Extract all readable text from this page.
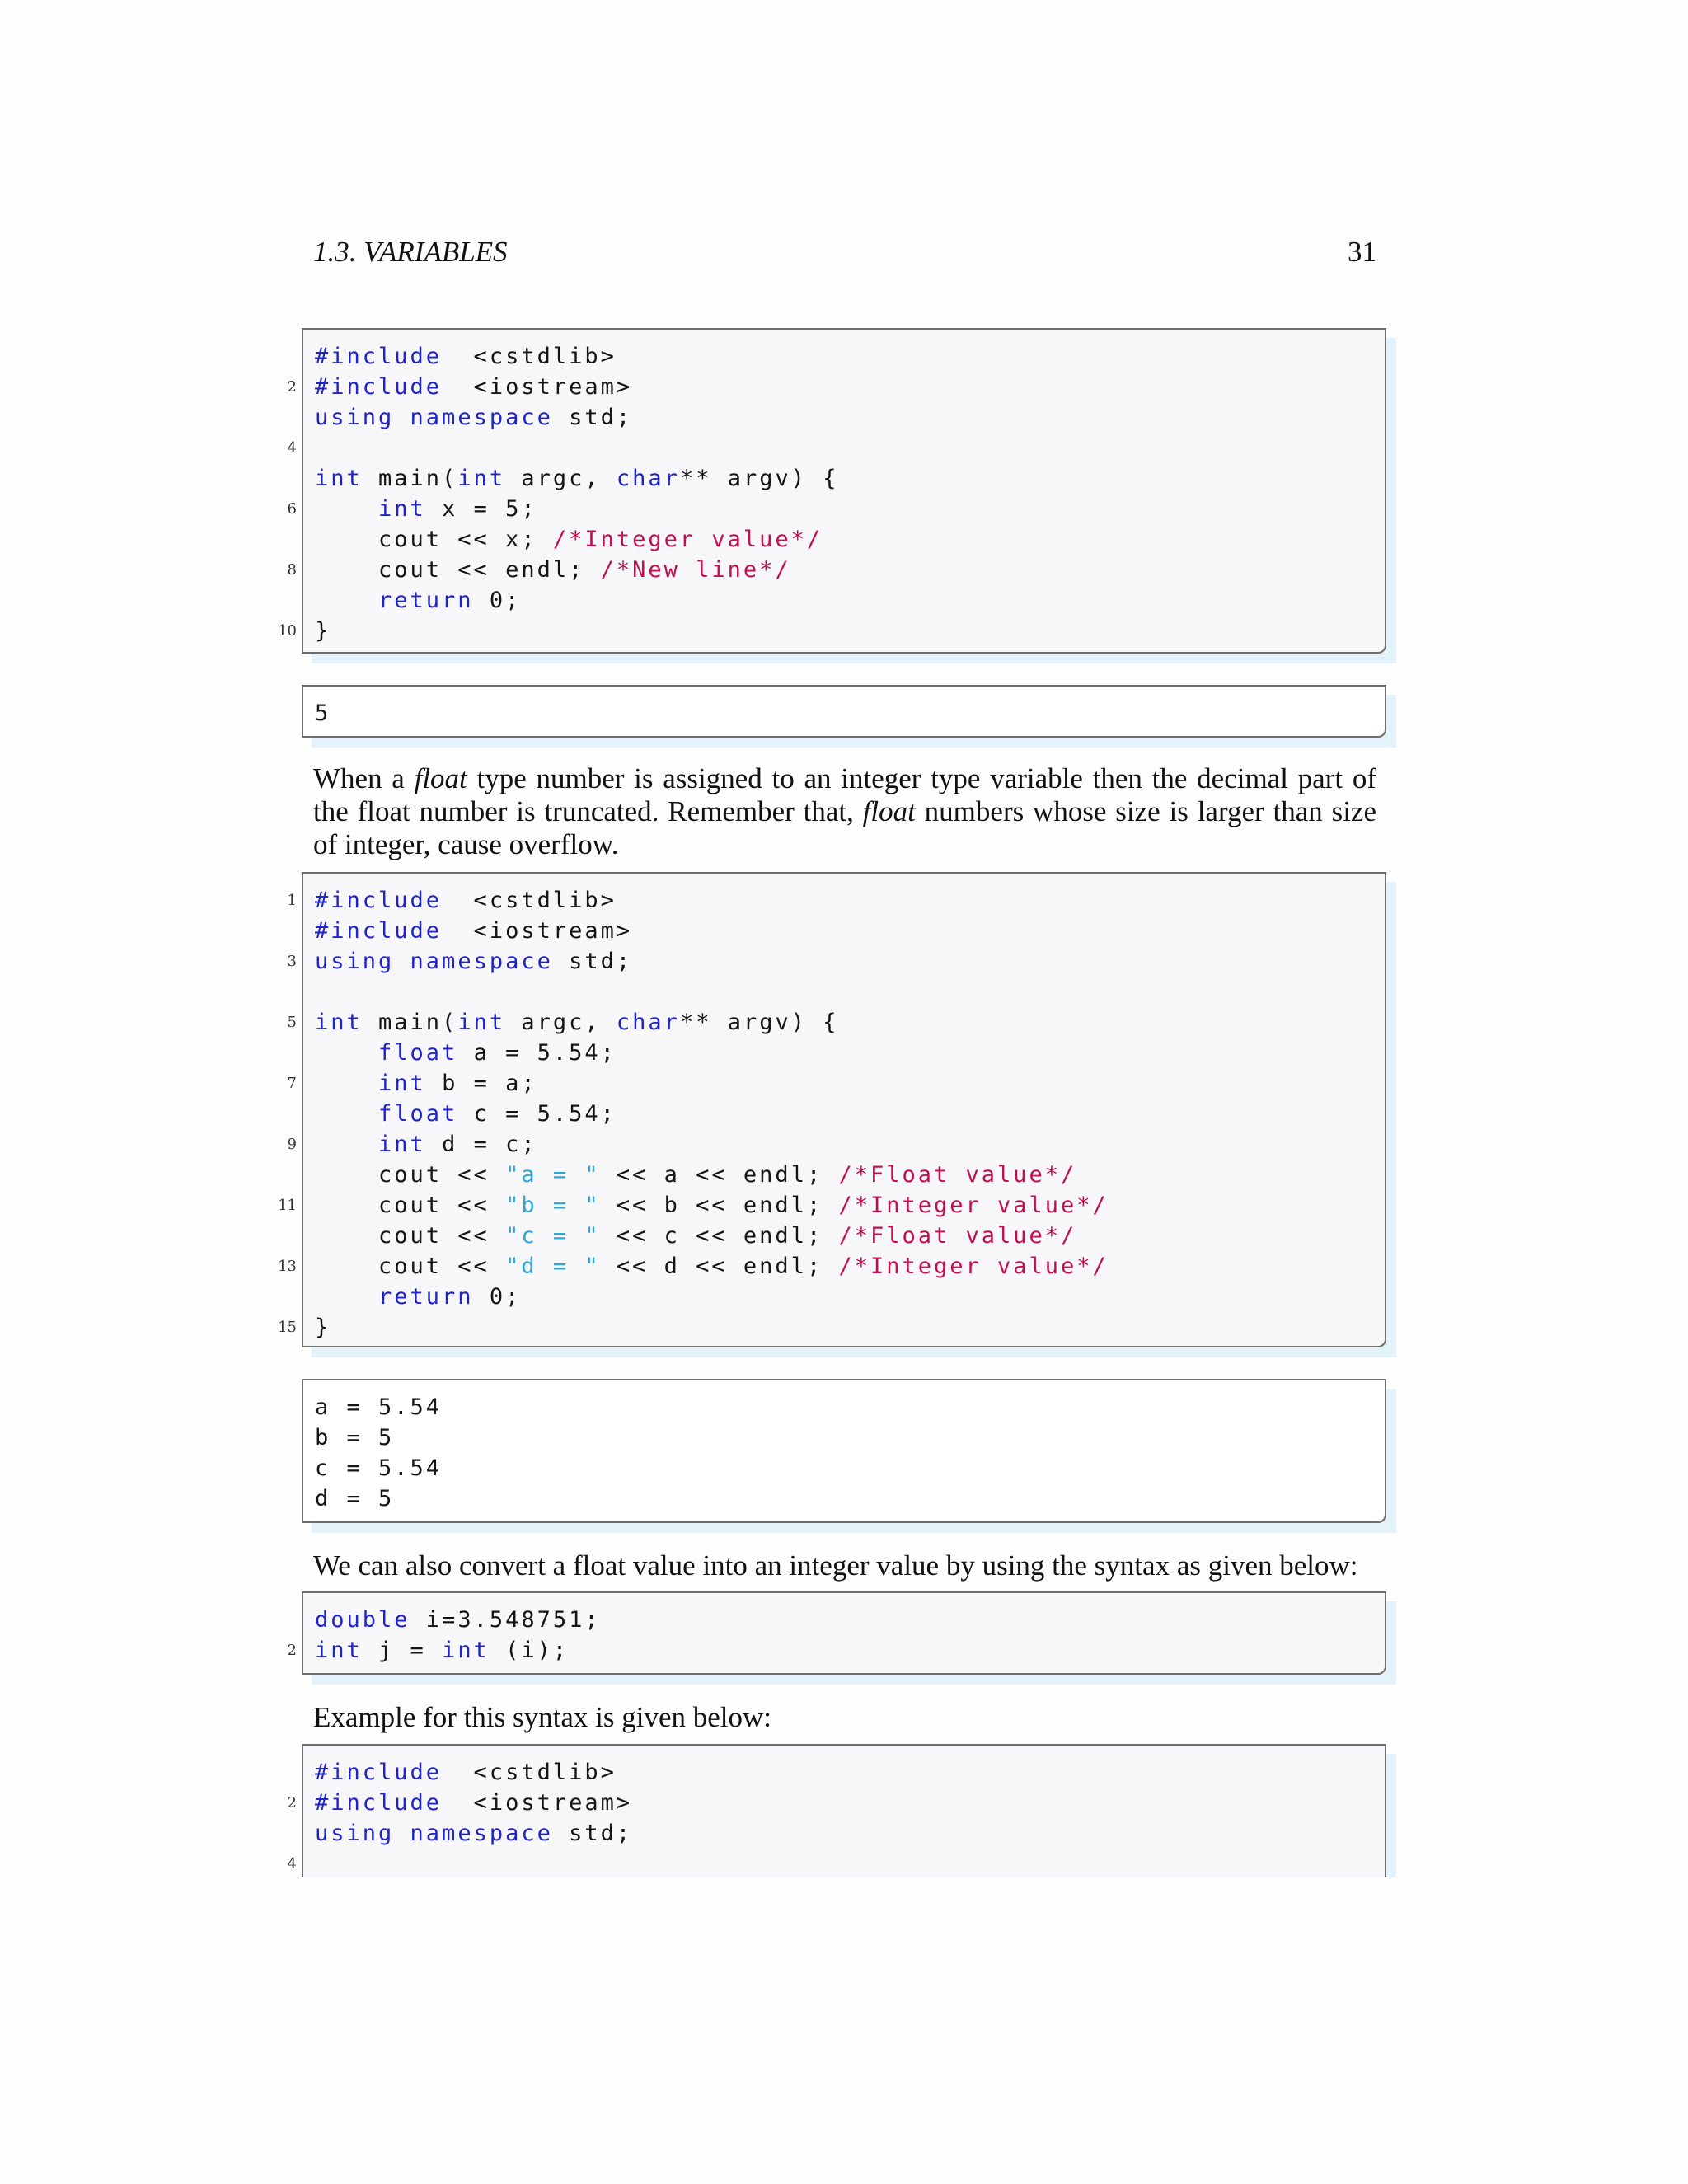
1.3. VARIABLES	31
#include  <cstdlib>
#include  <iostream>
using namespace std;
int main(int argc, char** argv) {
int x = 5;
cout << x; /*Integer value*/
cout << endl; /*New line*/
return 0;
}
2
4
6
8
10
5
When a float type number is assigned to an integer type variable then the decimal part of the float number is truncated. Remember that, float numbers whose size is larger than size of integer, cause overflow.
#include  <cstdlib>
#include  <iostream>
using namespace std;
int main(int argc, char** argv) {
float a = 5.54;
int b = a;
float c = 5.54;
int d = c;
cout << "a = " << a << endl; /*Float value*/
cout << "b = " << b << endl; /*Integer value*/
cout << "c = " << c << endl; /*Float value*/
cout << "d = " << d << endl; /*Integer value*/
return 0;
}
1
3
5
7
9
11
13
15
a = 5.54
b = 5
c = 5.54
d = 5
We can also convert a float value into an integer value by using the syntax as given below:
double i=3.548751;
int j = int (i);
2
Example for this syntax is given below:
#include  <cstdlib>
#include  <iostream>
using namespace std;
2
4
